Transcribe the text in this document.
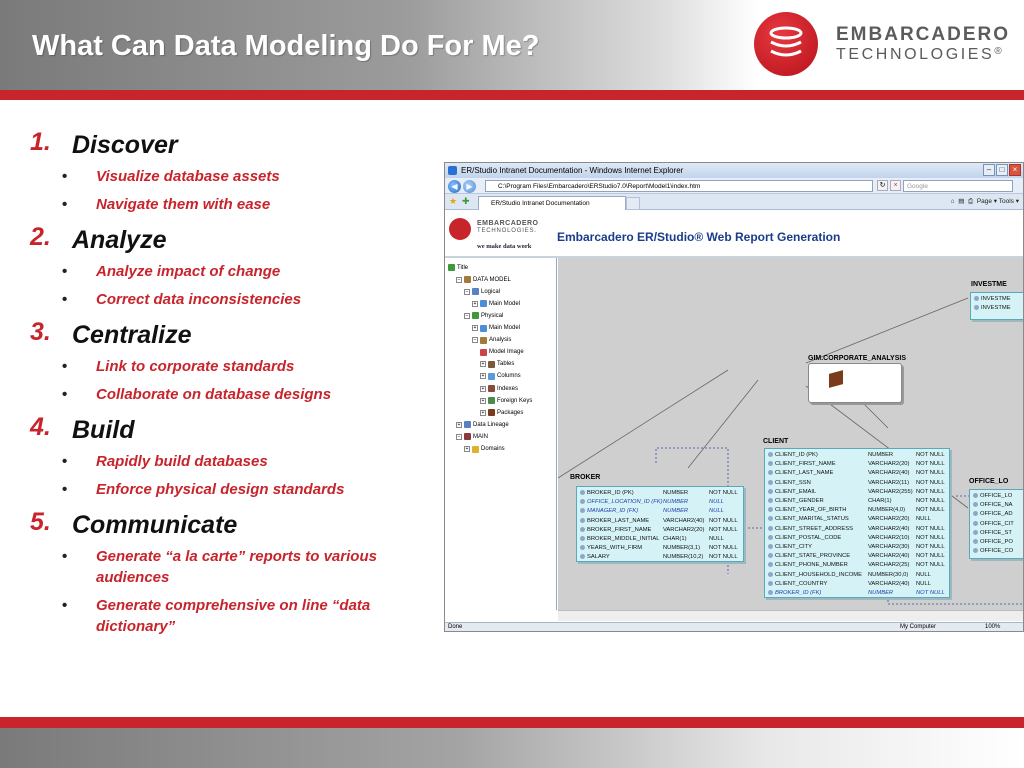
What Can Data Modeling Do For Me?	EMBARCADERO
TECHNOLOGIES®
1. Discover
• Visualize database assets
• Navigate them with ease
2. Analyze
• Analyze impact of change
• Correct data inconsistencies
3. Centralize
• Link to corporate standards
• Collaborate on database designs
4. Build
• Rapidly build databases
• Enforce physical design standards
5. Communicate
• Generate “a la carte” reports to various audiences
• Generate comprehensive on line “data dictionary”
ER/Studio Intranet Documentation - Windows Internet Explorer	–	□	×
◀	▶	C:\Program Files\Embarcadero\ERStudio7.0\Report\Model1\index.htm	↻	×	Google
★ ✚	ER/Studio Intranet Documentation	⌂ ▤ ⎙ Page ▾ Tools ▾
EMBARCADERO
TECHNOLOGIES.
we make data work
Embarcadero ER/Studio® Web Report Generation
Title
− DATA MODEL
− Logical
+ Main Model
− Physical
+ Main Model
− Analysis
Model Image
+ Tables
+ Columns
+ Indexes
+ Foreign Keys
+ Packages
+ Data Lineage
− MAIN
+ Domains
GIM.CORPORATE_ANALYSIS
INVESTME
INVESTME
INVESTME
OFFICE_LO
OFFICE_LO
OFFICE_NA
OFFICE_AD
OFFICE_CIT
OFFICE_ST
OFFICE_PO
OFFICE_CO
BROKER
BROKER_ID (PK)	NUMBER	NOT NULL
OFFICE_LOCATION_ID (FK) NUMBER	NULL
MANAGER_ID (FK)	NUMBER	NULL
BROKER_LAST_NAME VARCHAR2(40) NOT NULL
BROKER_FIRST_NAME VARCHAR2(20) NOT NULL
BROKER_MIDDLE_INITIAL CHAR(1)	NULL
YEARS_WITH_FIRM	NUMBER(3,1) NOT NULL
SALARY	NUMBER(10,2) NOT NULL
CLIENT
CLIENT_ID (PK)	NUMBER	NOT NULL
CLIENT_FIRST_NAME	VARCHAR2(20) NOT NULL
CLIENT_LAST_NAME	VARCHAR2(40) NOT NULL
CLIENT_SSN	VARCHAR2(11) NOT NULL
CLIENT_EMAIL	VARCHAR2(255) NOT NULL
CLIENT_GENDER	CHAR(1)	NOT NULL
CLIENT_YEAR_OF_BIRTH	NUMBER(4,0) NOT NULL
CLIENT_MARITAL_STATUS	VARCHAR2(20) NULL
CLIENT_STREET_ADDRESS	VARCHAR2(40) NOT NULL
CLIENT_POSTAL_CODE	VARCHAR2(10) NOT NULL
CLIENT_CITY	VARCHAR2(30) NOT NULL
CLIENT_STATE_PROVINCE	VARCHAR2(40) NOT NULL
CLIENT_PHONE_NUMBER	VARCHAR2(25) NOT NULL
CLIENT_HOUSEHOLD_INCOME NUMBER(30,0) NULL
CLIENT_COUNTRY	VARCHAR2(40) NULL
BROKER_ID (FK)	NUMBER	NOT NULL
Done	My Computer	100%
